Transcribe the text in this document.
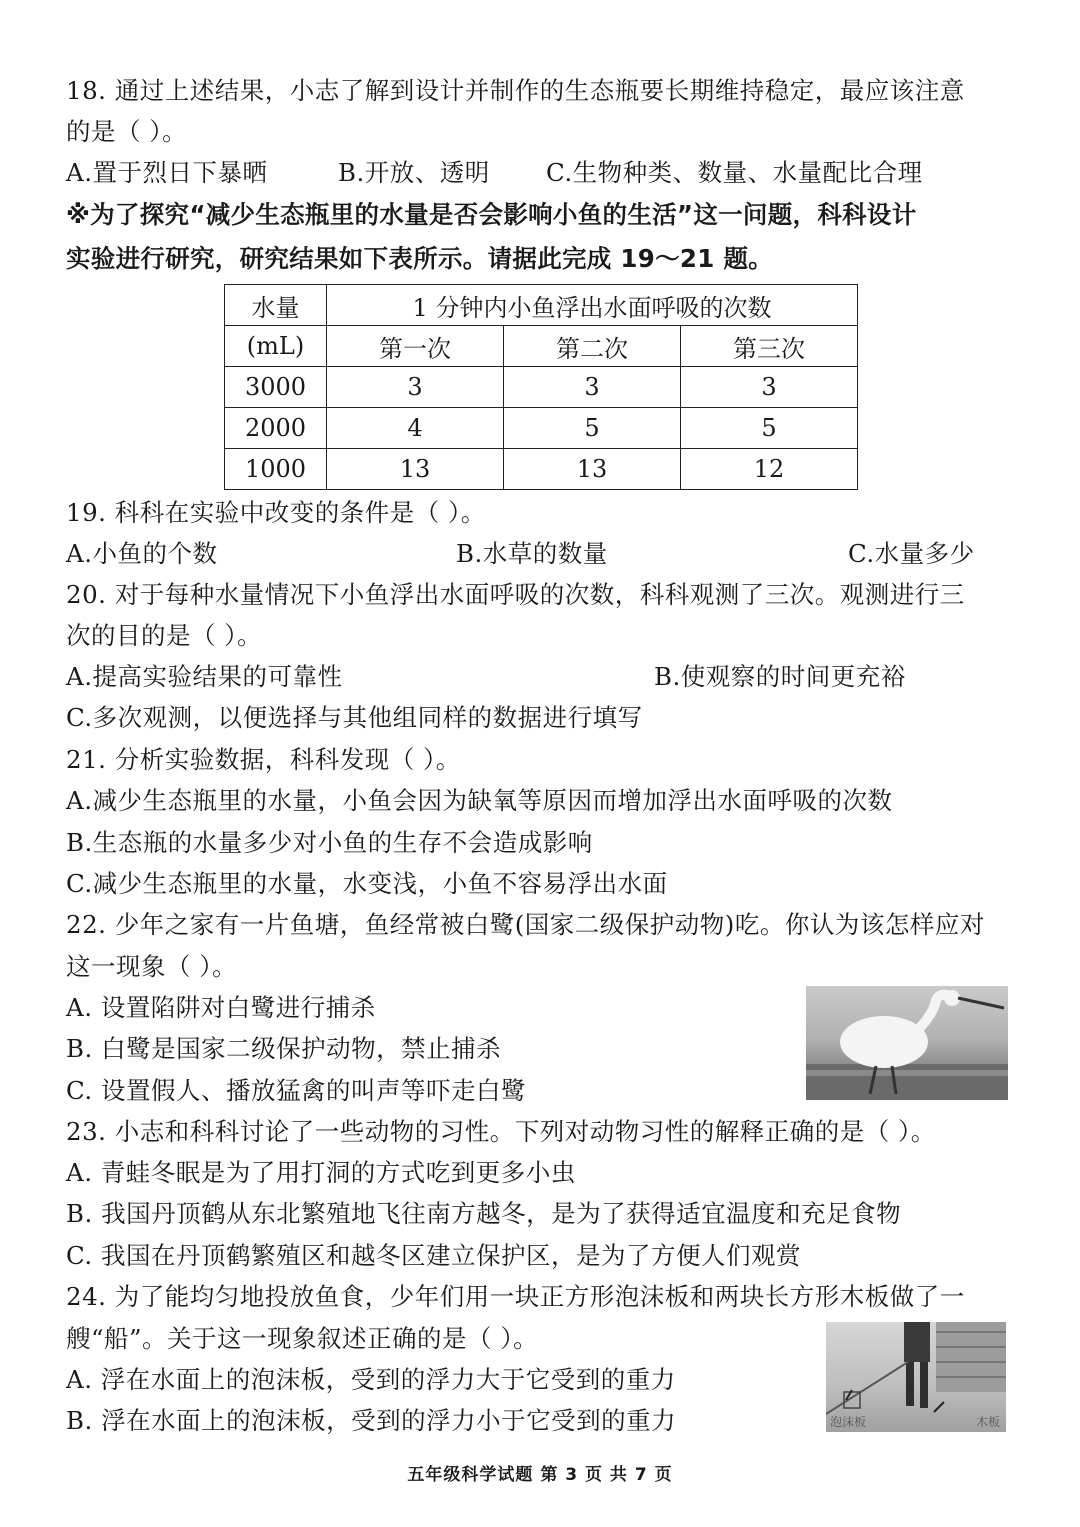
18. 通过上述结果，小志了解到设计并制作的生态瓶要长期维持稳定，最应该注意
的是（ ）。
A.置于烈日下暴晒	B.开放、透明 C.生物种类、数量、水量配比合理
※为了探究“减少生态瓶里的水量是否会影响小鱼的生活”这一问题，科科设计
实验进行研究，研究结果如下表所示。请据此完成 19～21 题。
水量	1 分钟内小鱼浮出水面呼吸的次数		
(mL)	第一次	第二次	第三次
3000	3	3	3
2000	4	5	5
1000	13	13	12
19. 科科在实验中改变的条件是（ ）。
A.小鱼的个数	B.水草的数量	C.水量多少
20. 对于每种水量情况下小鱼浮出水面呼吸的次数，科科观测了三次。观测进行三
次的目的是（ ）。
A.提高实验结果的可靠性	B.使观察的时间更充裕
C.多次观测，以便选择与其他组同样的数据进行填写
21. 分析实验数据，科科发现（ ）。
A.减少生态瓶里的水量，小鱼会因为缺氧等原因而增加浮出水面呼吸的次数
B.生态瓶的水量多少对小鱼的生存不会造成影响
C.减少生态瓶里的水量，水变浅，小鱼不容易浮出水面
22. 少年之家有一片鱼塘，鱼经常被白鹭(国家二级保护动物)吃。你认为该怎样应对
这一现象（ ）。
A. 设置陷阱对白鹭进行捕杀
B. 白鹭是国家二级保护动物，禁止捕杀
C. 设置假人、播放猛禽的叫声等吓走白鹭
23. 小志和科科讨论了一些动物的习性。下列对动物习性的解释正确的是（ ）。
A. 青蛙冬眠是为了用打洞的方式吃到更多小虫
B. 我国丹顶鹤从东北繁殖地飞往南方越冬，是为了获得适宜温度和充足食物
C. 我国在丹顶鹤繁殖区和越冬区建立保护区，是为了方便人们观赏
24. 为了能均匀地投放鱼食，少年们用一块正方形泡沫板和两块长方形木板做了一
艘“船”。关于这一现象叙述正确的是（ ）。
A. 浮在水面上的泡沫板，受到的浮力大于它受到的重力
B. 浮在水面上的泡沫板，受到的浮力小于它受到的重力	泡沫板	木板
五年级科学试题 第 3 页 共 7 页
